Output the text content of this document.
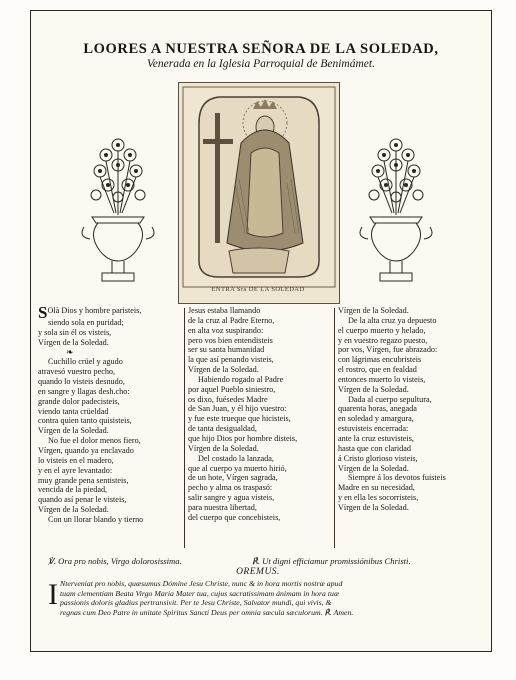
LOORES A NUESTRA SEÑORA DE LA SOLEDAD,
Venerada en la Iglesia Parroquial de Benimámet.
ENTRA Sra DE LA SOLEDAD
SOlà Dios y hombre paristeis,
siendo sola en puridad;
y sola sin él os visteis,
Vírgen de la Soledad.
❧
Cuchillo crüel y agudo
atravesó vuestro pecho,
quando lo visteis desnudo,
en sangre y llagas desh.cho:
grande dolor padecisteis,
viendo tanta crüeldad
contra quien tanto quisisteis,
Vírgen de la Soledad.
No fue el dolor menos fiero,
Vírgen, quando ya enclavado
lo visteis en el madero,
y en el ayre levantado:
muy grande pena sentisteis,
vencida de la piedad,
quando así penar le visteis,
Vírgen de la Soledad.
Con un llorar blando y tierno
Jesus estaba llamando
de la cruz al Padre Eterno,
en alta voz suspirando:
pero vos bien entendisteis
ser su santa humanidad
la que así penando visteis,
Vírgen de la Soledad.
Habiendo rogado al Padre
por aquel Pueblo siniestro,
os dixo, fuésedes Madre
de San Juan, y él hijo vuestro:
y fue este trueque que hicisteis,
de tanta desigualdad,
que hijo Dios por hombre disteis,
Vírgen de la Soledad.
Del costado la lanzada,
que al cuerpo ya muerto hirió,
de un hote, Vírgen sagrada,
pecho y alma os traspasó:
salir sangre y agua visteis,
para nuestra libertad,
del cuerpo que concebisteis,
Vírgen de la Soledad.
De la alta cruz ya depuesto
el cuerpo muerto y helado,
y en vuestro regazo puesto,
por vos, Vírgen, fue abrazado:
con lágrimas encubristeis
el rostro, que en fealdad
entonces muerto lo visteis,
Vírgen de la Soledad.
Dada al cuerpo sepultura,
quarenta horas, anegada
en soledad y amargura,
estuvisteis encerrada:
ante la cruz estuvisteis,
hasta que con claridad
á Cristo glorioso visteis,
Vírgen de la Soledad.
Siempre á los devotos fuisteis
Madre en su necesidad,
y en ella les socorristeis,
Vírgen de la Soledad.
℣. Ora pro nobis, Virgo dolorosissima.	℟. Ut digni efficiamur promissiónibus Christi.
OREMUS.
I Nterveniat pro nobis, quæsumus Dómine Jesu Christe, nunc & in hora mortis nostræ apud
tuam clementiam Beata Virgo Maria Mater tua, cujus sacratissimam ánimam in hora tuæ
passionis doloris gladius pertransivit. Per te Jesu Christe, Salvator mundi, qui vivis, &
regnas cum Deo Patre in unitate Spiritus Sancti Deus per omnia sæcula sæculorum. ℟. Amen.
